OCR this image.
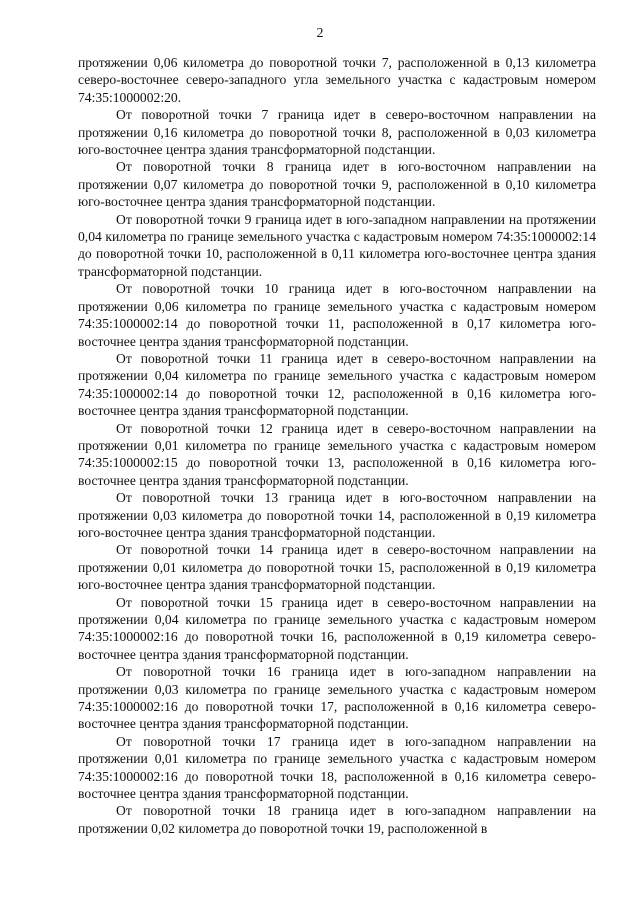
2

протяжении 0,06 километра до поворотной точки 7, расположенной в 0,13 километра северо-восточнее северо-западного угла земельного участка с кадастровым номером 74:35:1000002:20.

От поворотной точки 7 граница идет в северо-восточном направлении на протяжении 0,16 километра до поворотной точки 8, расположенной в 0,03 километра юго-восточнее центра здания трансформаторной подстанции.

От поворотной точки 8 граница идет в юго-восточном направлении на протяжении 0,07 километра до поворотной точки 9, расположенной в 0,10 километра юго-восточнее центра здания трансформаторной подстанции.

От поворотной точки 9 граница идет в юго-западном направлении на протяжении 0,04 километра по границе земельного участка с кадастровым номером 74:35:1000002:14 до поворотной точки 10, расположенной в 0,11 километра юго-восточнее центра здания трансформаторной подстанции.

От поворотной точки 10 граница идет в юго-восточном направлении на протяжении 0,06 километра по границе земельного участка с кадастровым номером 74:35:1000002:14 до поворотной точки 11, расположенной в 0,17 километра юго-восточнее центра здания трансформаторной подстанции.

От поворотной точки 11 граница идет в северо-восточном направлении на протяжении 0,04 километра по границе земельного участка с кадастровым номером 74:35:1000002:14 до поворотной точки 12, расположенной в 0,16 километра юго-восточнее центра здания трансформаторной подстанции.

От поворотной точки 12 граница идет в северо-восточном направлении на протяжении 0,01 километра по границе земельного участка с кадастровым номером 74:35:1000002:15 до поворотной точки 13, расположенной в 0,16 километра юго-восточнее центра здания трансформаторной подстанции.

От поворотной точки 13 граница идет в юго-восточном направлении на протяжении 0,03 километра до поворотной точки 14, расположенной в 0,19 километра юго-восточнее центра здания трансформаторной подстанции.

От поворотной точки 14 граница идет в северо-восточном направлении на протяжении 0,01 километра до поворотной точки 15, расположенной в 0,19 километра юго-восточнее центра здания трансформаторной подстанции.

От поворотной точки 15 граница идет в северо-восточном направлении на протяжении 0,04 километра по границе земельного участка с кадастровым номером 74:35:1000002:16 до поворотной точки 16, расположенной в 0,19 километра северо-восточнее центра здания трансформаторной подстанции.

От поворотной точки 16 граница идет в юго-западном направлении на протяжении 0,03 километра по границе земельного участка с кадастровым номером 74:35:1000002:16 до поворотной точки 17, расположенной в 0,16 километра северо-восточнее центра здания трансформаторной подстанции.

От поворотной точки 17 граница идет в юго-западном направлении на протяжении 0,01 километра по границе земельного участка с кадастровым номером 74:35:1000002:16 до поворотной точки 18, расположенной в 0,16 километра северо-восточнее центра здания трансформаторной подстанции.

От поворотной точки 18 граница идет в юго-западном направлении на протяжении 0,02 километра до поворотной точки 19, расположенной в
